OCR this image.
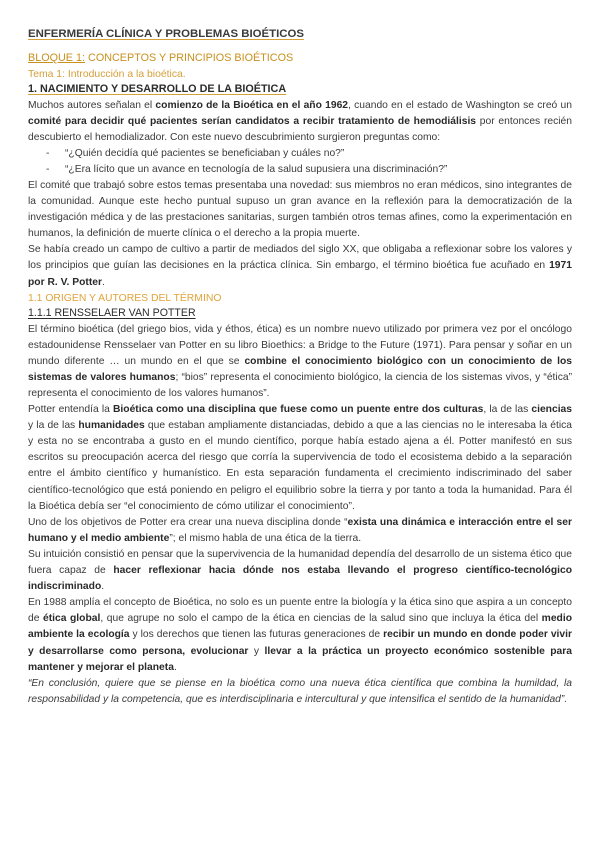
ENFERMERÍA CLÍNICA Y PROBLEMAS BIOÉTICOS
BLOQUE 1: CONCEPTOS Y PRINCIPIOS BIOÉTICOS
Tema 1: Introducción a la bioética.
1. NACIMIENTO Y DESARROLLO DE LA BIOÉTICA

Muchos autores señalan el comienzo de la Bioética en el año 1962, cuando en el estado de Washington se creó un comité para decidir qué pacientes serían candidatos a recibir tratamiento de hemodiálisis por entonces recién descubierto el hemodializador. Con este nuevo descubrimiento surgieron preguntas como:

- “¿Quién decidía qué pacientes se beneficiaban y cuáles no?”
- “¿Era lícito que un avance en tecnología de la salud supusiera una discriminación?”

El comité que trabajó sobre estos temas presentaba una novedad: sus miembros no eran médicos, sino integrantes de la comunidad. Aunque este hecho puntual supuso un gran avance en la reflexión para la democratización de la investigación médica y de las prestaciones sanitarias, surgen también otros temas afines, como la experimentación en humanos, la definición de muerte clínica o el derecho a la propia muerte.

Se había creado un campo de cultivo a partir de mediados del siglo XX, que obligaba a reflexionar sobre los valores y los principios que guían las decisiones en la práctica clínica. Sin embargo, el término bioética fue acuñado en 1971 por R. V. Potter.

1.1 ORIGEN Y AUTORES DEL TÉRMINO
1.1.1 RENSSELAER VAN POTTER

El término bioética (del griego bios, vida y éthos, ética) es un nombre nuevo utilizado por primera vez por el oncólogo estadounidense Rensselaer van Potter en su libro Bioethics: a Bridge to the Future (1971). Para pensar y soñar en un mundo diferente … un mundo en el que se combine el conocimiento biológico con un conocimiento de los sistemas de valores humanos; “bios” representa el conocimiento biológico, la ciencia de los sistemas vivos, y “ética” representa el conocimiento de los valores humanos”.

Potter entendía la Bioética como una disciplina que fuese como un puente entre dos culturas, la de las ciencias y la de las humanidades que estaban ampliamente distanciadas, debido a que a las ciencias no le interesaba la ética y esta no se encontraba a gusto en el mundo científico, porque había estado ajena a él. Potter manifestó en sus escritos su preocupación acerca del riesgo que corría la supervivencia de todo el ecosistema debido a la separación entre el ámbito científico y humanístico. En esta separación fundamenta el crecimiento indiscriminado del saber científico-tecnológico que está poniendo en peligro el equilibrio sobre la tierra y por tanto a toda la humanidad. Para él la Bioética debía ser “el conocimiento de cómo utilizar el conocimiento”.

Uno de los objetivos de Potter era crear una nueva disciplina donde “exista una dinámica e interacción entre el ser humano y el medio ambiente”; el mismo habla de una ética de la tierra.

Su intuición consistió en pensar que la supervivencia de la humanidad dependía del desarrollo de un sistema ético que fuera capaz de hacer reflexionar hacia dónde nos estaba llevando el progreso científico-tecnológico indiscriminado.

En 1988 amplía el concepto de Bioética, no solo es un puente entre la biología y la ética sino que aspira a un concepto de ética global, que agrupe no solo el campo de la ética en ciencias de la salud sino que incluya la ética del medio ambiente la ecología y los derechos que tienen las futuras generaciones de recibir un mundo en donde poder vivir y desarrollarse como persona, evolucionar y llevar a la práctica un proyecto económico sostenible para mantener y mejorar el planeta.

“En conclusión, quiere que se piense en la bioética como una nueva ética científica que combina la humildad, la responsabilidad y la competencia, que es interdisciplinaria e intercultural y que intensifica el sentido de la humanidad”.
